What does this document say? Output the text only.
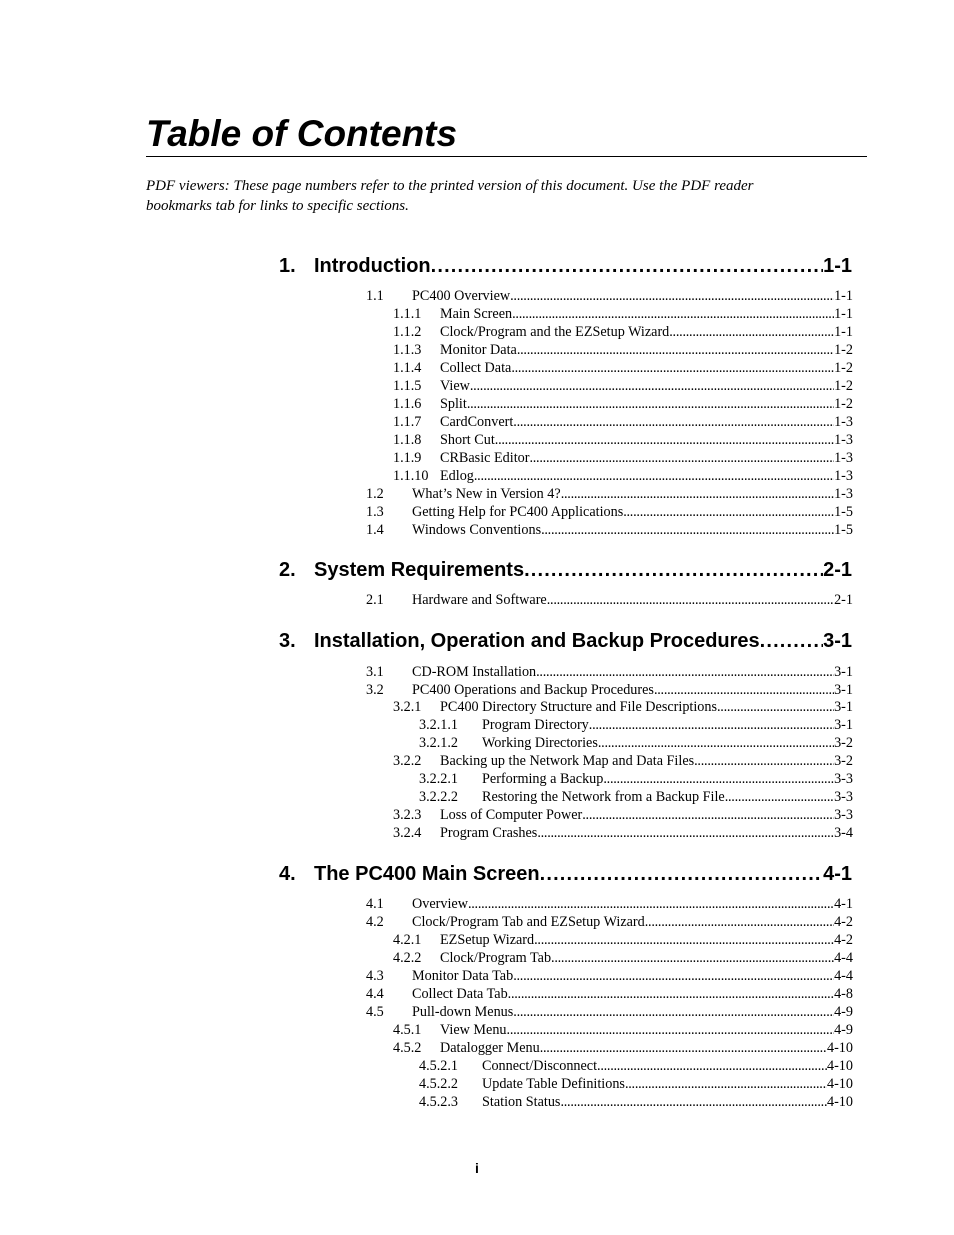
Table of Contents
PDF viewers: These page numbers refer to the printed version of this document. Use the PDF reader bookmarks tab for links to specific sections.
1. Introduction . . .	1-1
1.1	PC400 Overview . . .	1-1
1.1.1	Main Screen . . .	1-1
1.1.2	Clock/Program and the EZSetup Wizard . . .	1-1
1.1.3	Monitor Data . . .	1-2
1.1.4	Collect Data . . .	1-2
1.1.5	View . . .	1-2
1.1.6	Split . . .	1-2
1.1.7	CardConvert . . .	1-3
1.1.8	Short Cut . . .	1-3
1.1.9	CRBasic Editor . . .	1-3
1.1.10 Edlog . . .	1-3
1.2	What’s New in Version 4? . . .	1-3
1.3	Getting Help for PC400 Applications . . .	1-5
1.4	Windows Conventions . . .	1-5
2. System Requirements . . .	2-1
2.1	Hardware and Software . . .	2-1
3. Installation, Operation and Backup Procedures . . .	3-1
3.1	CD-ROM Installation . . .	3-1
3.2	PC400 Operations and Backup Procedures . . .	3-1
3.2.1	PC400 Directory Structure and File Descriptions . . .	3-1
3.2.1.1	Program Directory . . .	3-1
3.2.1.2	Working Directories . . .	3-2
3.2.2	Backing up the Network Map and Data Files . . .	3-2
3.2.2.1	Performing a Backup . . .	3-3
3.2.2.2	Restoring the Network from a Backup File . . .	3-3
3.2.3	Loss of Computer Power . . .	3-3
3.2.4	Program Crashes . . .	3-4
4. The PC400 Main Screen . . .	4-1
4.1	Overview . . .	4-1
4.2	Clock/Program Tab and EZSetup Wizard . . .	4-2
4.2.1	EZSetup Wizard . . .	4-2
4.2.2	Clock/Program Tab . . .	4-4
4.3	Monitor Data Tab . . .	4-4
4.4	Collect Data Tab . . .	4-8
4.5	Pull-down Menus . . .	4-9
4.5.1	View Menu . . .	4-9
4.5.2	Datalogger Menu . . .	4-10
4.5.2.1	Connect/Disconnect . . .	4-10
4.5.2.2	Update Table Definitions . . .	4-10
4.5.2.3	Station Status . . .	4-10
i
